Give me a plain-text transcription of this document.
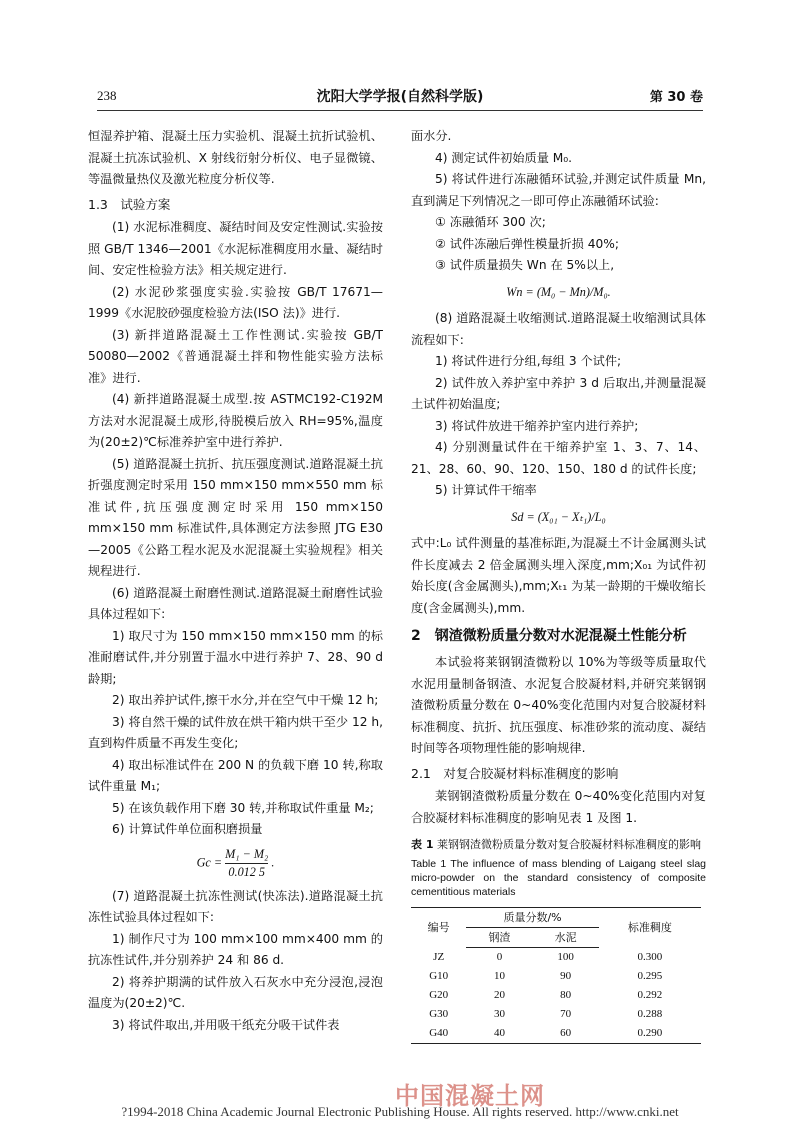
238	沈阳大学学报(自然科学版)	第 30 卷

恒湿养护箱、混凝土压力实验机、混凝土抗折试验机、混凝土抗冻试验机、X 射线衍射分析仪、电子显微镜、等温微量热仪及激光粒度分析仪等.

1.3　试验方案

(1) 水泥标准稠度、凝结时间及安定性测试.实验按照 GB/T 1346—2001《水泥标准稠度用水量、凝结时间、安定性检验方法》相关规定进行.

(2) 水泥砂浆强度实验.实验按 GB/T 17671—1999《水泥胶砂强度检验方法(ISO 法)》进行.

(3) 新拌道路混凝土工作性测试.实验按 GB/T 50080—2002《普通混凝土拌和物性能实验方法标准》进行.

(4) 新拌道路混凝土成型.按 ASTMC192-C192M 方法对水泥混凝土成形,待脱模后放入 RH=95%,温度为(20±2)℃标准养护室中进行养护.

(5) 道路混凝土抗折、抗压强度测试.道路混凝土抗折强度测定时采用 150 mm×150 mm×550 mm 标准试件,抗压强度测定时采用 150 mm×150 mm×150 mm 标准试件,具体测定方法参照 JTG E30—2005《公路工程水泥及水泥混凝土实验规程》相关规程进行.

(6) 道路混凝土耐磨性测试.道路混凝土耐磨性试验具体过程如下:

1) 取尺寸为 150 mm×150 mm×150 mm 的标准耐磨试件,并分别置于温水中进行养护 7、28、90 d 龄期;

2) 取出养护试件,擦干水分,并在空气中干燥 12 h;

3) 将自然干燥的试件放在烘干箱内烘干至少 12 h,直到构件质量不再发生变化;

4) 取出标准试件在 200 N 的负载下磨 10 转,称取试件重量 M₁;

5) 在该负载作用下磨 30 转,并称取试件重量 M₂;

6) 计算试件单位面积磨损量

$Gc = \frac{\text{M₁ − M₂}}{0.012 5}$ .

(7) 道路混凝土抗冻性测试(快冻法).道路混凝土抗冻性试验具体过程如下:

1) 制作尺寸为 100 mm×100 mm×400 mm 的抗冻性试件,并分别养护 24 和 86 d.

2) 将养护期满的试件放入石灰水中充分浸泡,浸泡温度为(20±2)℃.

3) 将试件取出,并用吸干纸充分吸干试件表

面水分.

4) 测定试件初始质量 M₀.

5) 将试件进行冻融循环试验,并测定试件质量 Mn,直到满足下列情况之一即可停止冻融循环试验:

① 冻融循环 300 次;

② 试件冻融后弹性模量折损 40%;

③ 试件质量损失 Wn 在 5%以上,

Wn = (M₀ − Mn)/M₀.

(8) 道路混凝土收缩测试.道路混凝土收缩测试具体流程如下:

1) 将试件进行分组,每组 3 个试件;

2) 试件放入养护室中养护 3 d 后取出,并测量混凝土试件初始温度;

3) 将试件放进干缩养护室内进行养护;

4) 分别测量试件在干缩养护室 1、3、7、14、21、28、60、90、120、150、180 d 的试件长度;

5) 计算试件干缩率

Sd = (X₀₁ − Xₜ₁)/L₀

式中:L₀ 试件测量的基准标距,为混凝土不计金属测头试件长度减去 2 倍金属测头埋入深度,mm;X₀₁ 为试件初始长度(含金属测头),mm;Xₜ₁ 为某一龄期的干燥收缩长度(含金属测头),mm.

2　钢渣微粉质量分数对水泥混凝土性能分析

本试验将莱钢钢渣微粉以 10%为等级等质量取代水泥用量制备钢渣、水泥复合胶凝材料,并研究莱钢钢渣微粉质量分数在 0~40%变化范围内对复合胶凝材料标准稠度、抗折、抗压强度、标准砂浆的流动度、凝结时间等各项物理性能的影响规律.

2.1　对复合胶凝材料标准稠度的影响

莱钢钢渣微粉质量分数在 0~40%变化范围内对复合胶凝材料标准稠度的影响见表 1 及图 1.

表 1 莱钢钢渣微粉质量分数对复合胶凝材料标准稠度的影响

Table 1 The influence of mass blending of Laigang steel slag micro-powder on the standard consistency of composite cementitious materials

编号	质量分数/%		标准稠度
	钢渣	水泥	
JZ	0	100	0.300
G10	10	90	0.295
G20	20	80	0.292
G30	30	70	0.288
G40	40	60	0.290
中国混凝土网
?1994-2018 China Academic Journal Electronic Publishing House. All rights reserved. http://www.cnki.net
